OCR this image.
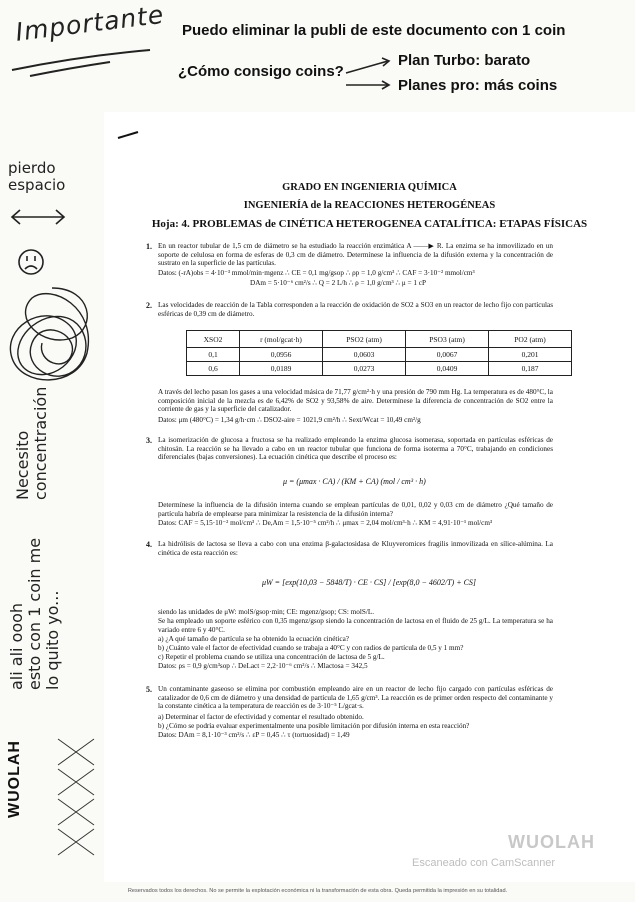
Importante Puedo eliminar la publi de este documento con 1 coin
¿Cómo consigo coins?
Plan Turbo: barato
Planes pro: más coins
pierdo
espacio
Necesito concentración
ali ali oooh esto con 1 coin me lo quito yo...
WUOLAH
GRADO EN INGENIERIA QUÍMICA
INGENIERÍA de la REACCIONES HETEROGÉNEAS
Hoja: 4. PROBLEMAS de CINÉTICA HETEROGENEA CATALÍTICA: ETAPAS FÍSICAS
1. En un reactor tubular de 1,5 cm de diámetro se ha estudiado la reacción enzimática A ——▶ R. La enzima se ha inmovilizado en un soporte de celulosa en forma de esferas de 0,3 cm de diámetro. Determínese la influencia de la difusión externa y la concentración de sustrato en la superficie de las partículas.
Datos: (-rA)obs = 4·10⁻³ mmol/min·mgenz ∴ CE = 0,1 mg/gsop ∴ ρp = 1,0 g/cm³ ∴ CAF = 3·10⁻² mmol/cm³
DAm = 5·10⁻⁶ cm²/s ∴ Q = 2 L/h ∴ ρ = 1,0 g/cm³ ∴ μ = 1 cP
2. Las velocidades de reacción de la Tabla corresponden a la reacción de oxidación de SO2 a SO3 en un reactor de lecho fijo con partículas esféricas de 0,39 cm de diámetro.
XSO2	r (mol/gcat·h)	PSO2 (atm)	PSO3 (atm)	PO2 (atm)
0,1	0,0956	0,0603	0,0067	0,201
0,6	0,0189	0,0273	0,0409	0,187
A través del lecho pasan los gases a una velocidad másica de 71,77 g/cm²·h y una presión de 790 mm Hg. La temperatura es de 480°C, la composición inicial de la mezcla es de 6,42% de SO2 y 93,58% de aire. Determínese la diferencia de concentración de SO2 entre la corriente de gas y la superficie del catalizador.
Datos: μm (480°C) = 1,34 g/h·cm ∴ DSO2-aire = 1021,9 cm²/h ∴ Sext/Wcat = 10,49 cm²/g
3. La isomerización de glucosa a fructosa se ha realizado empleando la enzima glucosa isomerasa, soportada en partículas esféricas de chitosán. La reacción se ha llevado a cabo en un reactor tubular que funciona de forma isoterma a 70°C, trabajando en condiciones diferenciales (bajas conversiones). La ecuación cinética que describe el proceso es:
μ = (μmax · CA) / (KM + CA) (mol / cm³ · h)
Determínese la influencia de la difusión interna cuando se emplean partículas de 0,01, 0,02 y 0,03 cm de diámetro ¿Qué tamaño de partícula habría de emplearse para minimizar la resistencia de la difusión interna?
Datos: CAF = 5,15·10⁻² mol/cm³ ∴ De,Am = 1,5·10⁻⁵ cm²/h ∴ μmax = 2,04 mol/cm³·h ∴ KM = 4,91·10⁻¹ mol/cm³
4. La hidrólisis de lactosa se lleva a cabo con una enzima β-galactosidasa de Kluyveromices fragilis inmovilizada en sílice-alúmina. La cinética de esta reacción es:
μW = [exp(10,03 − 5848/T) · CE · CS] / [exp(8,0 − 4602/T) + CS]
siendo las unidades de μW: molS/gsop·min; CE: mgenz/gsop; CS: molS/L.
Se ha empleado un soporte esférico con 0,35 mgenz/gsop siendo la concentración de lactosa en el fluido de 25 g/L. La temperatura se ha variado entre 6 y 40°C.
a) ¿A qué tamaño de partícula se ha obtenido la ecuación cinética?
b) ¿Cuánto vale el factor de efectividad cuando se trabaja a 40°C y con radios de partícula de 0,5 y 1 mm?
c) Repetir el problema cuando se utiliza una concentración de lactosa de 5 g/L.
Datos: ρs = 0,9 g/cm³sop ∴ DeLact = 2,2·10⁻⁶ cm²/s ∴ Mlactosa = 342,5
5. Un contaminante gaseoso se elimina por combustión empleando aire en un reactor de lecho fijo cargado con partículas esféricas de catalizador de 0,6 cm de diámetro y una densidad de partícula de 1,65 g/cm³. La reacción es de primer orden respecto del contaminante y la constante cinética a la temperatura de reacción es de 3·10⁻⁵ L/gcat·s.
a) Determinar el factor de efectividad y comentar el resultado obtenido.
b) ¿Cómo se podría evaluar experimentalmente una posible limitación por difusión interna en esta reacción?
Datos: DAm = 8,1·10⁻³ cm²/s ∴ εP = 0,45 ∴ τ (tortuosidad) = 1,49
WUOLAH
Escaneado con CamScanner
Reservados todos los derechos. No se permite la explotación económica ni la transformación de esta obra. Queda permitida la impresión en su totalidad.
